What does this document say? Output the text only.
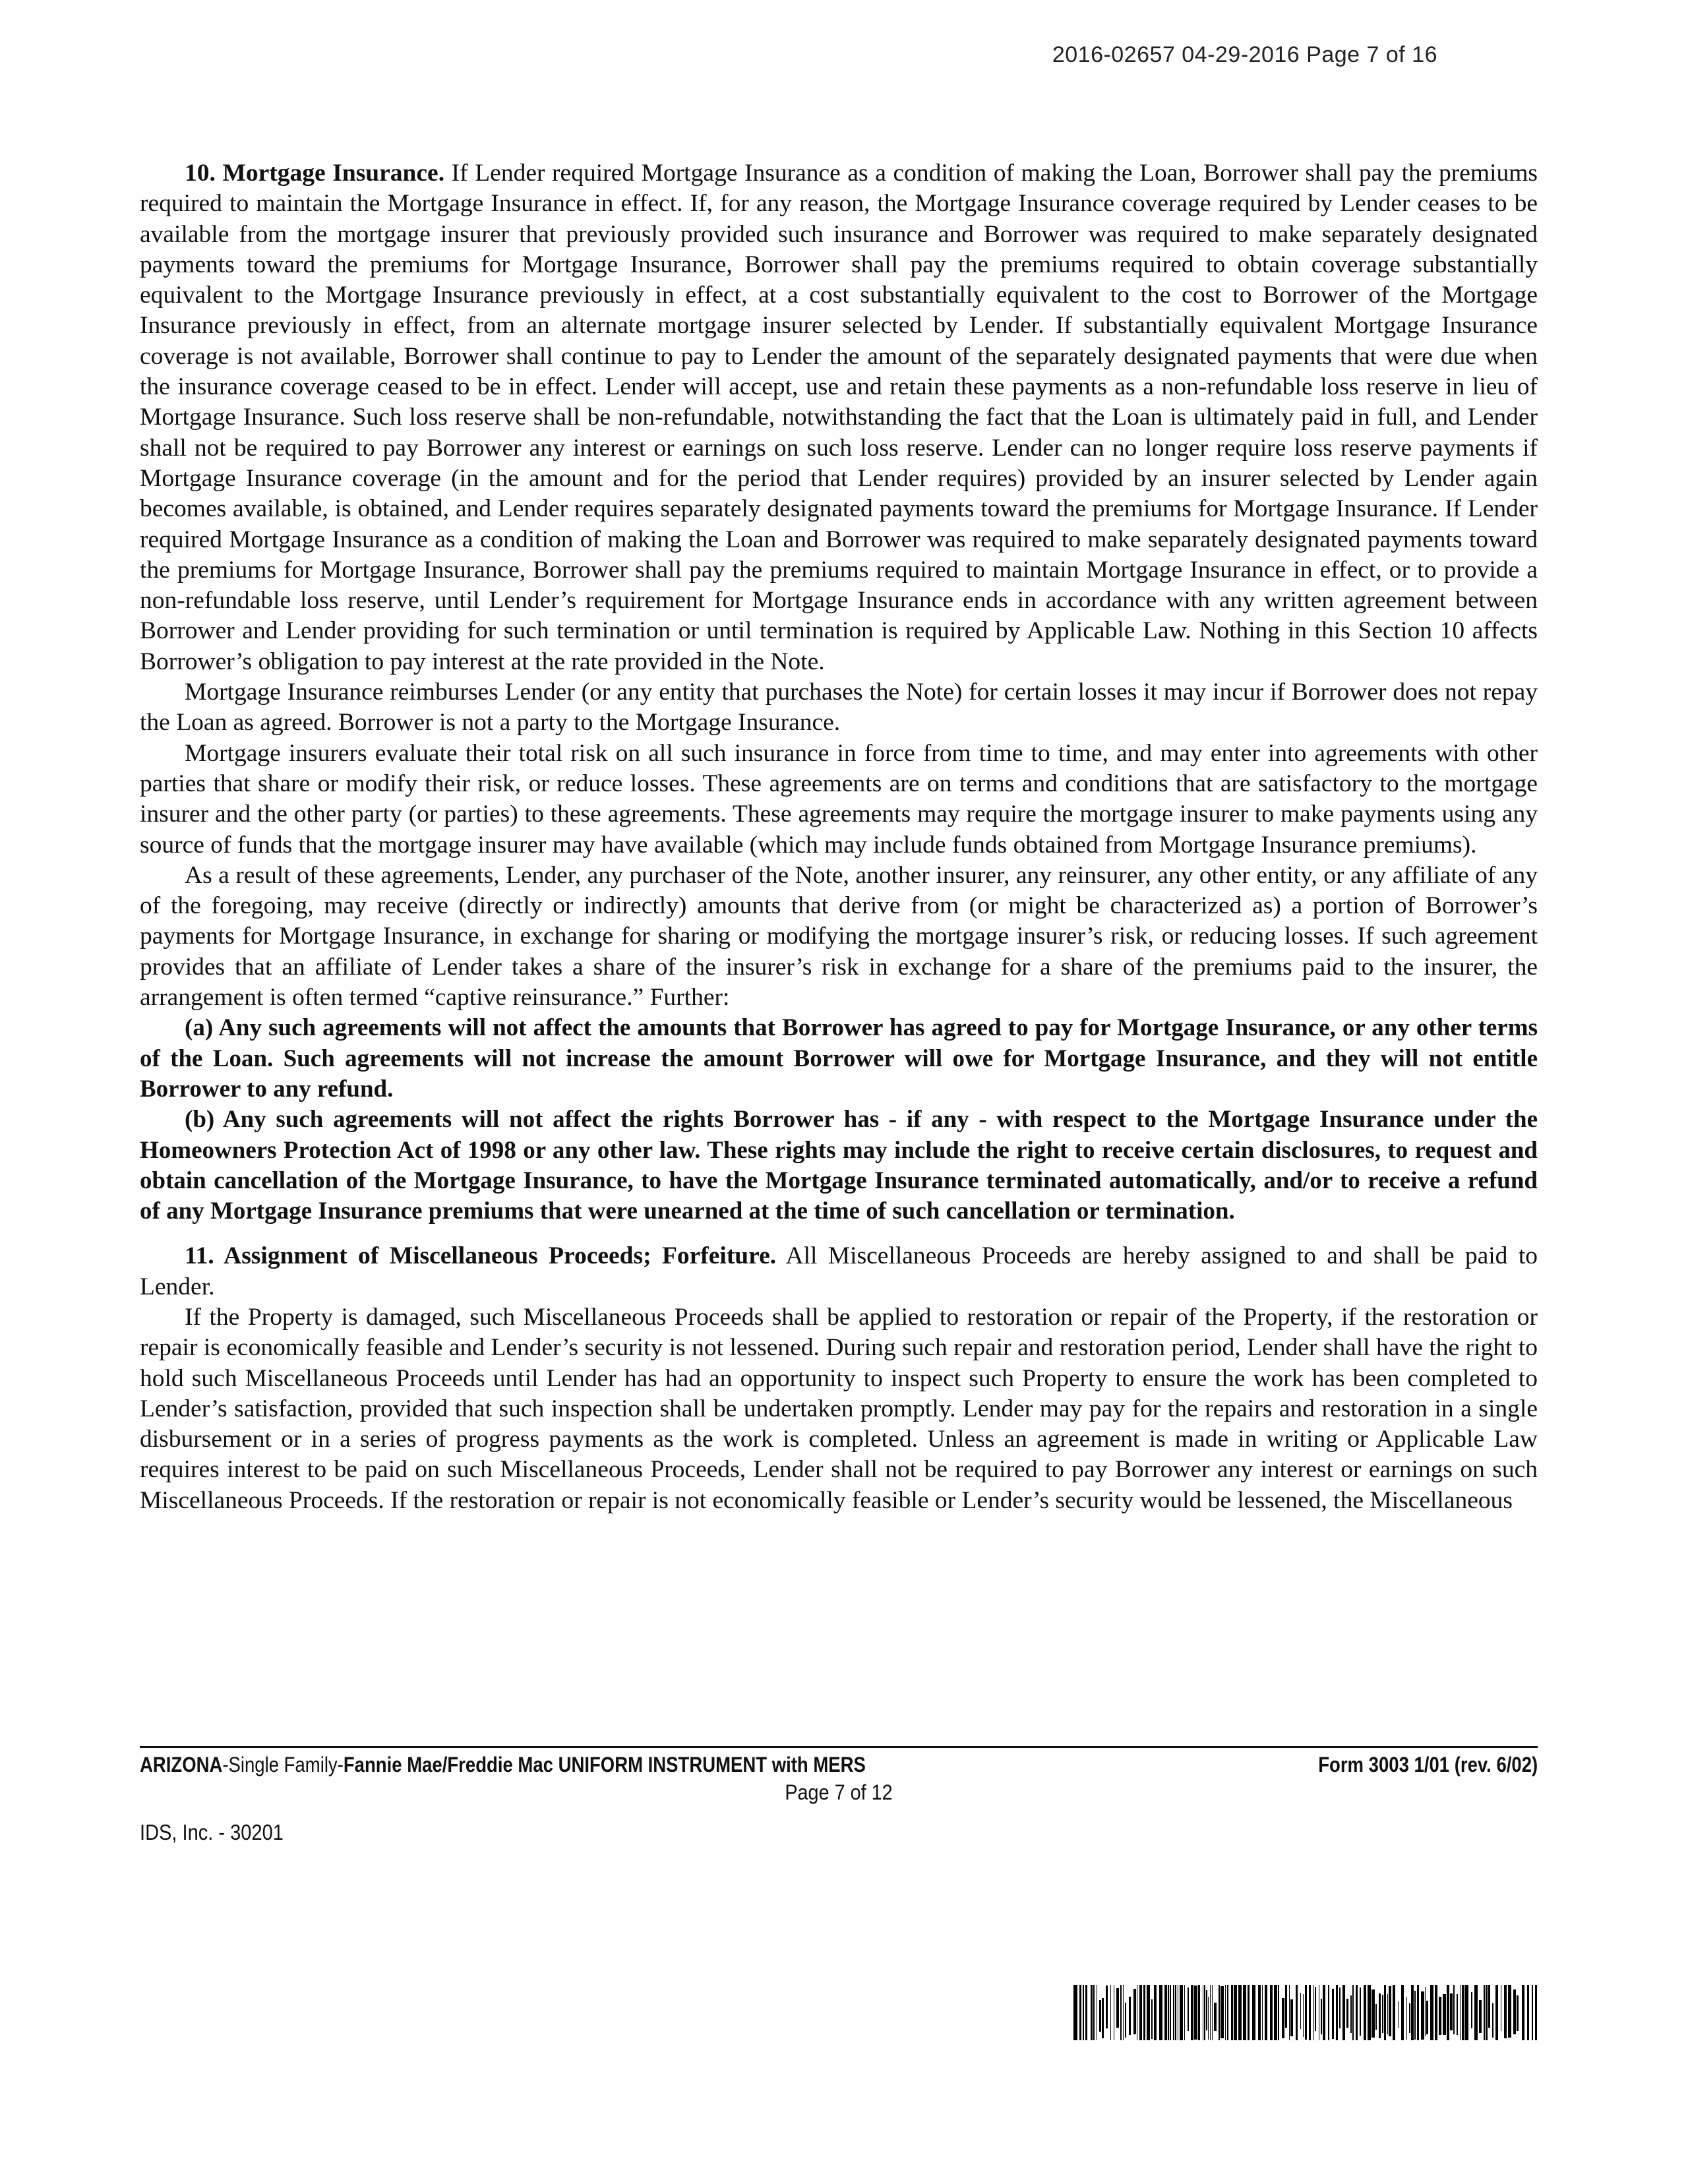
2016-02657 04-29-2016 Page 7 of 16

10. Mortgage Insurance. If Lender required Mortgage Insurance as a condition of making the Loan, Borrower shall pay the premiums required to maintain the Mortgage Insurance in effect. If, for any reason, the Mortgage Insurance coverage required by Lender ceases to be available from the mortgage insurer that previously provided such insurance and Borrower was required to make separately designated payments toward the premiums for Mortgage Insurance, Borrower shall pay the premiums required to obtain coverage substantially equivalent to the Mortgage Insurance previously in effect, at a cost substantially equivalent to the cost to Borrower of the Mortgage Insurance previously in effect, from an alternate mortgage insurer selected by Lender. If substantially equivalent Mortgage Insurance coverage is not available, Borrower shall continue to pay to Lender the amount of the separately designated payments that were due when the insurance coverage ceased to be in effect. Lender will accept, use and retain these payments as a non-refundable loss reserve in lieu of Mortgage Insurance. Such loss reserve shall be non-refundable, notwithstanding the fact that the Loan is ultimately paid in full, and Lender shall not be required to pay Borrower any interest or earnings on such loss reserve. Lender can no longer require loss reserve payments if Mortgage Insurance coverage (in the amount and for the period that Lender requires) provided by an insurer selected by Lender again becomes available, is obtained, and Lender requires separately designated payments toward the premiums for Mortgage Insurance. If Lender required Mortgage Insurance as a condition of making the Loan and Borrower was required to make separately designated payments toward the premiums for Mortgage Insurance, Borrower shall pay the premiums required to maintain Mortgage Insurance in effect, or to provide a non-refundable loss reserve, until Lender’s requirement for Mortgage Insurance ends in accordance with any written agreement between Borrower and Lender providing for such termination or until termination is required by Applicable Law. Nothing in this Section 10 affects Borrower’s obligation to pay interest at the rate provided in the Note.

Mortgage Insurance reimburses Lender (or any entity that purchases the Note) for certain losses it may incur if Borrower does not repay the Loan as agreed. Borrower is not a party to the Mortgage Insurance.

Mortgage insurers evaluate their total risk on all such insurance in force from time to time, and may enter into agreements with other parties that share or modify their risk, or reduce losses. These agreements are on terms and conditions that are satisfactory to the mortgage insurer and the other party (or parties) to these agreements. These agreements may require the mortgage insurer to make payments using any source of funds that the mortgage insurer may have available (which may include funds obtained from Mortgage Insurance premiums).

As a result of these agreements, Lender, any purchaser of the Note, another insurer, any reinsurer, any other entity, or any affiliate of any of the foregoing, may receive (directly or indirectly) amounts that derive from (or might be characterized as) a portion of Borrower’s payments for Mortgage Insurance, in exchange for sharing or modifying the mortgage insurer’s risk, or reducing losses. If such agreement provides that an affiliate of Lender takes a share of the insurer’s risk in exchange for a share of the premiums paid to the insurer, the arrangement is often termed “captive reinsurance.” Further:

(a) Any such agreements will not affect the amounts that Borrower has agreed to pay for Mortgage Insurance, or any other terms of the Loan. Such agreements will not increase the amount Borrower will owe for Mortgage Insurance, and they will not entitle Borrower to any refund.

(b) Any such agreements will not affect the rights Borrower has - if any - with respect to the Mortgage Insurance under the Homeowners Protection Act of 1998 or any other law. These rights may include the right to receive certain disclosures, to request and obtain cancellation of the Mortgage Insurance, to have the Mortgage Insurance terminated automatically, and/or to receive a refund of any Mortgage Insurance premiums that were unearned at the time of such cancellation or termination.

11. Assignment of Miscellaneous Proceeds; Forfeiture. All Miscellaneous Proceeds are hereby assigned to and shall be paid to Lender.

If the Property is damaged, such Miscellaneous Proceeds shall be applied to restoration or repair of the Property, if the restoration or repair is economically feasible and Lender’s security is not lessened. During such repair and restoration period, Lender shall have the right to hold such Miscellaneous Proceeds until Lender has had an opportunity to inspect such Property to ensure the work has been completed to Lender’s satisfaction, provided that such inspection shall be undertaken promptly. Lender may pay for the repairs and restoration in a single disbursement or in a series of progress payments as the work is completed. Unless an agreement is made in writing or Applicable Law requires interest to be paid on such Miscellaneous Proceeds, Lender shall not be required to pay Borrower any interest or earnings on such Miscellaneous Proceeds. If the restoration or repair is not economically feasible or Lender’s security would be lessened, the Miscellaneous

ARIZONA-Single Family-Fannie Mae/Freddie Mac UNIFORM INSTRUMENT with MERS	Form 3003 1/01 (rev. 6/02)
Page 7 of 12
IDS, Inc. - 30201
